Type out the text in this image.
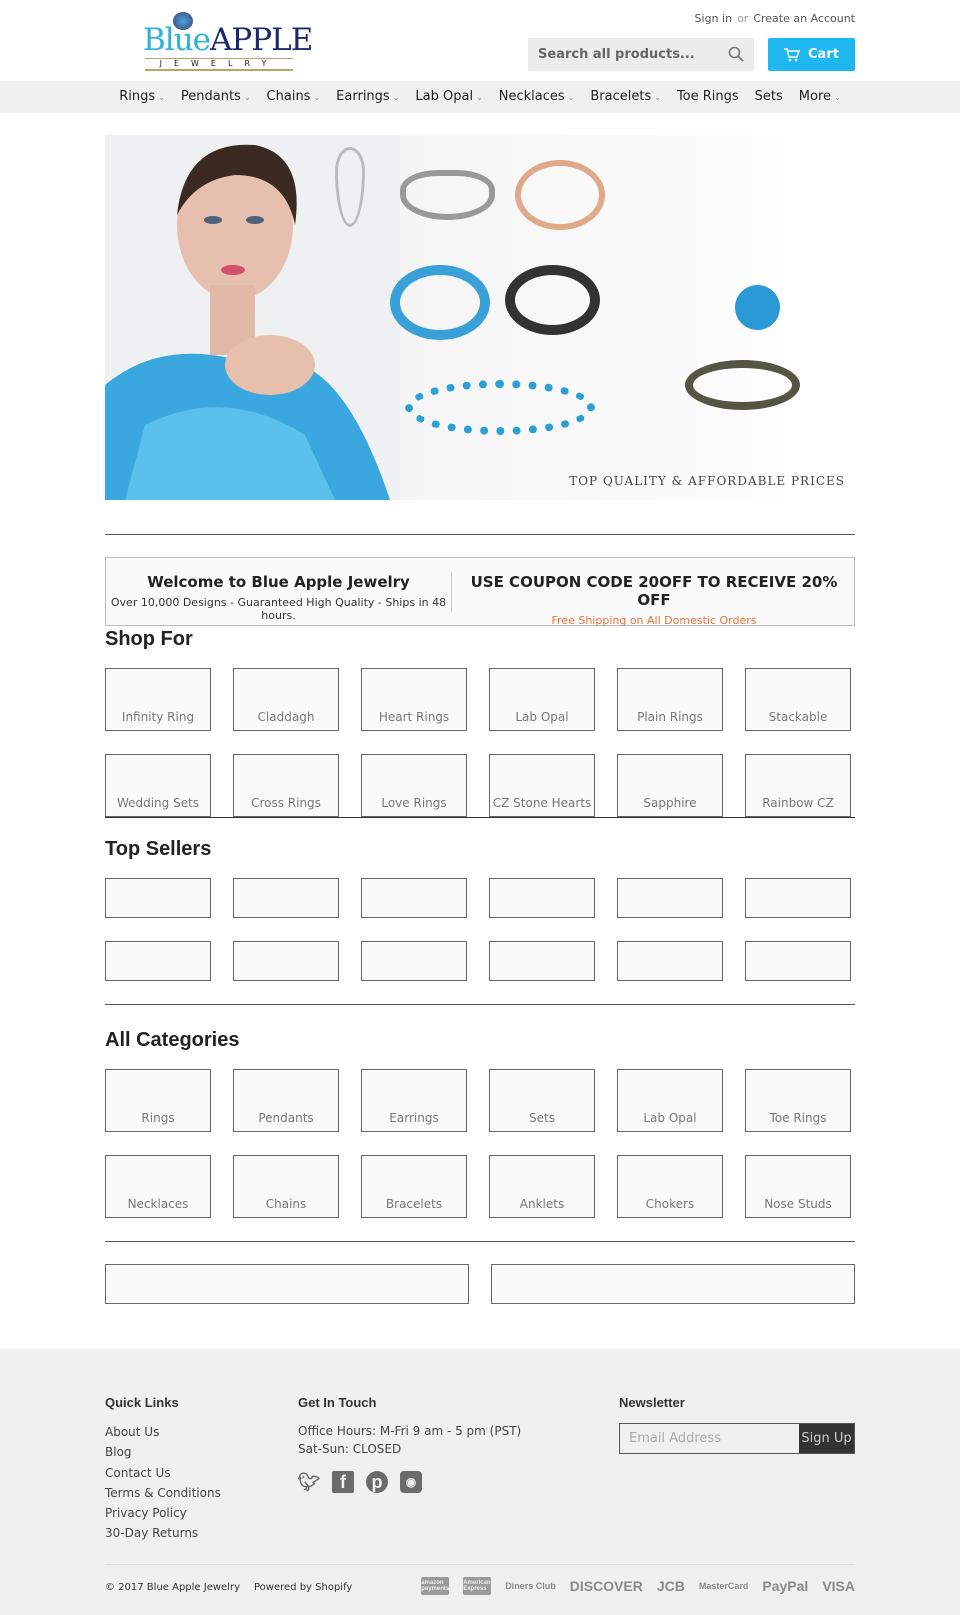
BlueAPPLE
JEWELRY
Sign in or Create an Account
Search all products...
Cart
Rings ⌄	Pendants ⌄	Chains ⌄	Earrings ⌄	Lab Opal ⌄	Necklaces ⌄	Bracelets ⌄	Toe Rings	Sets	More ⌄
TOP QUALITY & AFFORDABLE PRICES
Welcome to Blue Apple Jewelry
Over 10,000 Designs - Guaranteed High Quality - Ships in 48 hours.
USE COUPON CODE 20OFF TO RECEIVE 20% OFF
Free Shipping on All Domestic Orders
Shop For
Infinity Ring	Claddagh	Heart Rings	Lab Opal	Plain Rings	Stackable
Wedding Sets	Cross Rings	Love Rings	CZ Stone Hearts	Sapphire	Rainbow CZ
Top Sellers
All Categories
Rings	Pendants	Earrings	Sets	Lab Opal	Toe Rings
Necklaces	Chains	Bracelets	Anklets	Chokers	Nose Studs
Quick Links
About Us
Blog
Contact Us
Terms & Conditions
Privacy Policy
30-Day Returns
Get In Touch
Office Hours: M-Fri 9 am - 5 pm (PST)
Sat-Sun: CLOSED
🐦︎	f	p	◉
Newsletter
Email Address
Sign Up
© 2017 Blue Apple Jewelry Powered by Shopify	amazon payments
American Express	Diners Club DISCOVER JCB MasterCard PayPal VISA
